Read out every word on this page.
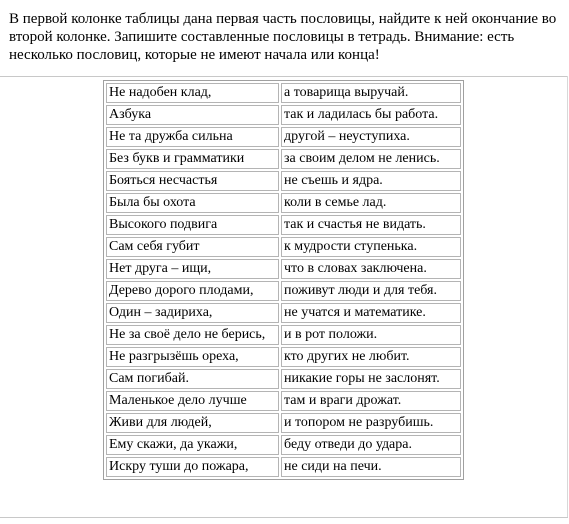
В первой колонке таблицы дана первая часть пословицы, найдите к ней окончание во второй колонке. Запишите составленные пословицы в тетрадь. Внимание: есть несколько пословиц, которые не имеют начала или конца!

Не надобен клад,	а товарища выручай.
Азбука	так и ладилась бы работа.
Не та дружба сильна	другой – неуступиха.
Без букв и грамматики	за своим делом не ленись.
Бояться несчастья	не съешь и ядра.
Была бы охота	коли в семье лад.
Высокого подвига	так и счастья не видать.
Сам себя губит	к мудрости ступенька.
Нет друга – ищи,	что в словах заключена.
Дерево дорого плодами,	поживут люди и для тебя.
Один – задириха,	не учатся и математике.
Не за своё дело не берись,	и в рот положи.
Не разгрызёшь ореха,	кто других не любит.
Сам погибай.	никакие горы не заслонят.
Маленькое дело лучше	там и враги дрожат.
Живи для людей,	и топором не разрубишь.
Ему скажи, да укажи,	беду отведи до удара.
Искру туши до пожара,	не сиди на печи.
